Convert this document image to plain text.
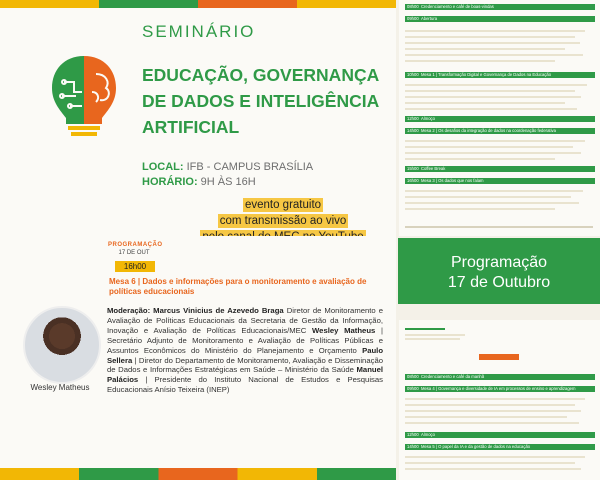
SEMINÁRIO
EDUCAÇÃO, GOVERNANÇA DE DADOS E INTELIGÊNCIA ARTIFICIAL
LOCAL: IFB - CAMPUS BRASÍLIA
HORÁRIO: 9H ÀS 16H
evento gratuito
com transmissão ao vivo

PROGRAMAÇÃO
17 DE OUT
16h00
Mesa 6 | Dados e informações para o monitoramento e avaliação de políticas educacionais
Wesley Matheus
Moderação: Marcus Vinicius de Azevedo Braga Diretor de Monitoramento e Avaliação de Políticas Educacionais da Secretaria de Gestão da Informação, Inovação e Avaliação de Políticas Educacionais/MEC Wesley Matheus | Secretário Adjunto de Monitoramento e Avaliação de Políticas Públicas e Assuntos Econômicos do Ministério do Planejamento e Orçamento Paulo Sellera | Diretor do Departamento de Monitoramento, Avaliação e Disseminação de Dados e Informações Estratégicas em Saúde – Ministério da Saúde Manuel Palácios | Presidente do Instituto Nacional de Estudos e Pesquisas Educacionais Anísio Teixeira (INEP)
08h00 Credenciamento e café de boas-vindas
09h00 Abertura
10h00 Mesa 1 | Transformação Digital e Governança de Dados na Educação
12h00 Almoço
14h00 Mesa 2 | Os desafios da integração de dados na coordenação federativa
15h00 Coffee Break
16h00 Mesa 3 | Os dados que nos falam
Programação
17 de Outubro
08h00 Credenciamento e café da manhã
09h00 Mesa 4 | Governança e diversidade de IA em processos de ensino e aprendizagem
12h00 Almoço
14h00 Mesa 5 | O papel da IA e da gestão de dados na educação
